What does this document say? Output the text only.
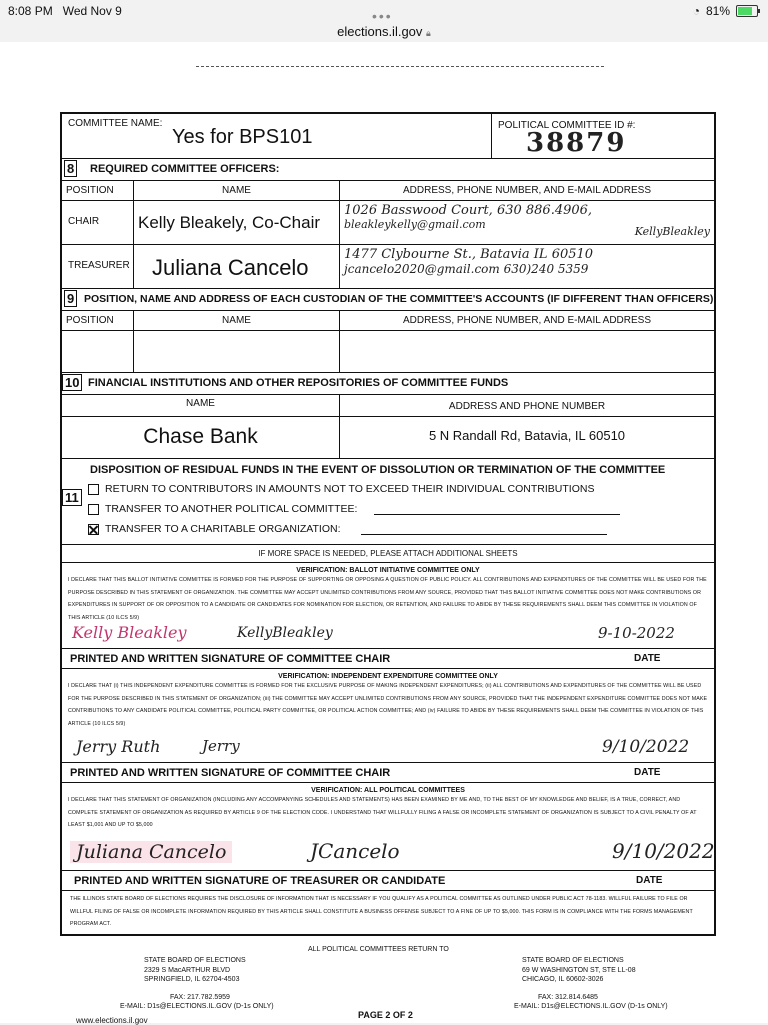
8:08 PM Wed Nov 9	◔ 81%
•••
elections.il.gov 🔒︎
COMMITTEE NAME:
Yes for BPS101
POLITICAL COMMITTEE ID #:
38879
8 REQUIRED COMMITTEE OFFICERS:
POSITION	NAME	ADDRESS, PHONE NUMBER, AND E-MAIL ADDRESS
CHAIR	Kelly Bleakely, Co-Chair
1026 Basswood Court, 630 886.4906,
bleakleykelly@gmail.com
KellyBleakley
TREASURER	Juliana Cancelo
1477 Clybourne St., Batavia IL 60510
jcancelo2020@gmail.com 630)240 5359
9 POSITION, NAME AND ADDRESS OF EACH CUSTODIAN OF THE COMMITTEE'S ACCOUNTS (IF DIFFERENT THAN OFFICERS)
POSITION	NAME	ADDRESS, PHONE NUMBER, AND E-MAIL ADDRESS
10 FINANCIAL INSTITUTIONS AND OTHER REPOSITORIES OF COMMITTEE FUNDS
NAME
Chase Bank
ADDRESS AND PHONE NUMBER
5 N Randall Rd, Batavia, IL 60510
11
DISPOSITION OF RESIDUAL FUNDS IN THE EVENT OF DISSOLUTION OR TERMINATION OF THE COMMITTEE
RETURN TO CONTRIBUTORS IN AMOUNTS NOT TO EXCEED THEIR INDIVIDUAL CONTRIBUTIONS
TRANSFER TO ANOTHER POLITICAL COMMITTEE:
TRANSFER TO A CHARITABLE ORGANIZATION:
IF MORE SPACE IS NEEDED, PLEASE ATTACH ADDITIONAL SHEETS
VERIFICATION: BALLOT INITIATIVE COMMITTEE ONLY
I DECLARE THAT THIS BALLOT INITIATIVE COMMITTEE IS FORMED FOR THE PURPOSE OF SUPPORTING OR OPPOSING A QUESTION OF PUBLIC POLICY. ALL CONTRIBUTIONS AND EXPENDITURES OF THE COMMITTEE WILL BE USED FOR THE PURPOSE DESCRIBED IN THIS STATEMENT OF ORGANIZATION. THE COMMITTEE MAY ACCEPT UNLIMITED CONTRIBUTIONS FROM ANY SOURCE, PROVIDED THAT THIS BALLOT INITIATIVE COMMITTEE DOES NOT MAKE CONTRIBUTIONS OR EXPENDITURES IN SUPPORT OF OR OPPOSITION TO A CANDIDATE OR CANDIDATES FOR NOMINATION FOR ELECTION, OR RETENTION, AND FAILURE TO ABIDE BY THESE REQUIREMENTS SHALL DEEM THIS COMMITTEE IN VIOLATION OF THIS ARTICLE (10 ILCS 5/9)
Kelly Bleakley	KellyBleakley	9-10-2022
PRINTED AND WRITTEN SIGNATURE OF COMMITTEE CHAIR	DATE
VERIFICATION: INDEPENDENT EXPENDITURE COMMITTEE ONLY
I DECLARE THAT (i) THIS INDEPENDENT EXPENDITURE COMMITTEE IS FORMED FOR THE EXCLUSIVE PURPOSE OF MAKING INDEPENDENT EXPENDITURES; (ii) ALL CONTRIBUTIONS AND EXPENDITURES OF THE COMMITTEE WILL BE USED FOR THE PURPOSE DESCRIBED IN THIS STATEMENT OF ORGANIZATION; (iii) THE COMMITTEE MAY ACCEPT UNLIMITED CONTRIBUTIONS FROM ANY SOURCE, PROVIDED THAT THE INDEPENDENT EXPENDITURE COMMITTEE DOES NOT MAKE CONTRIBUTIONS TO ANY CANDIDATE POLITICAL COMMITTEE, POLITICAL PARTY COMMITTEE, OR POLITICAL ACTION COMMITTEE; AND (iv) FAILURE TO ABIDE BY THESE REQUIREMENTS SHALL DEEM THE COMMITTEE IN VIOLATION OF THIS ARTICLE (10 ILCS 5/9)
Jerry Ruth	Jerry	9/10/2022
PRINTED AND WRITTEN SIGNATURE OF COMMITTEE CHAIR	DATE
VERIFICATION: ALL POLITICAL COMMITTEES
I DECLARE THAT THIS STATEMENT OF ORGANIZATION (INCLUDING ANY ACCOMPANYING SCHEDULES AND STATEMENTS) HAS BEEN EXAMINED BY ME AND, TO THE BEST OF MY KNOWLEDGE AND BELIEF, IS A TRUE, CORRECT, AND COMPLETE STATEMENT OF ORGANIZATION AS REQUIRED BY ARTICLE 9 OF THE ELECTION CODE. I UNDERSTAND THAT WILLFULLY FILING A FALSE OR INCOMPLETE STATEMENT OF ORGANIZATION IS SUBJECT TO A CIVIL PENALTY OF AT LEAST $1,001 AND UP TO $5,000
Juliana Cancelo	JCancelo	9/10/2022
PRINTED AND WRITTEN SIGNATURE OF TREASURER OR CANDIDATE	DATE
THE ILLINOIS STATE BOARD OF ELECTIONS REQUIRES THE DISCLOSURE OF INFORMATION THAT IS NECESSARY IF YOU QUALIFY AS A POLITICAL COMMITTEE AS OUTLINED UNDER PUBLIC ACT 78-1183. WILLFUL FAILURE TO FILE OR WILLFUL FILING OF FALSE OR INCOMPLETE INFORMATION REQUIRED BY THIS ARTICLE SHALL CONSTITUTE A BUSINESS OFFENSE SUBJECT TO A FINE OF UP TO $5,000. THIS FORM IS IN COMPLIANCE WITH THE FORMS MANAGEMENT PROGRAM ACT.
ALL POLITICAL COMMITTEES RETURN TO
STATE BOARD OF ELECTIONS
2329 S MacARTHUR BLVD
SPRINGFIELD, IL 62704-4503
FAX: 217.782.5959
E-MAIL: D1s@ELECTIONS.IL.GOV (D-1s ONLY)
STATE BOARD OF ELECTIONS
69 W WASHINGTON ST, STE LL-08
CHICAGO, IL 60602-3026
FAX: 312.814.6485
E-MAIL: D1s@ELECTIONS.IL.GOV (D-1s ONLY)
www.elections.il.gov
PAGE 2 OF 2
